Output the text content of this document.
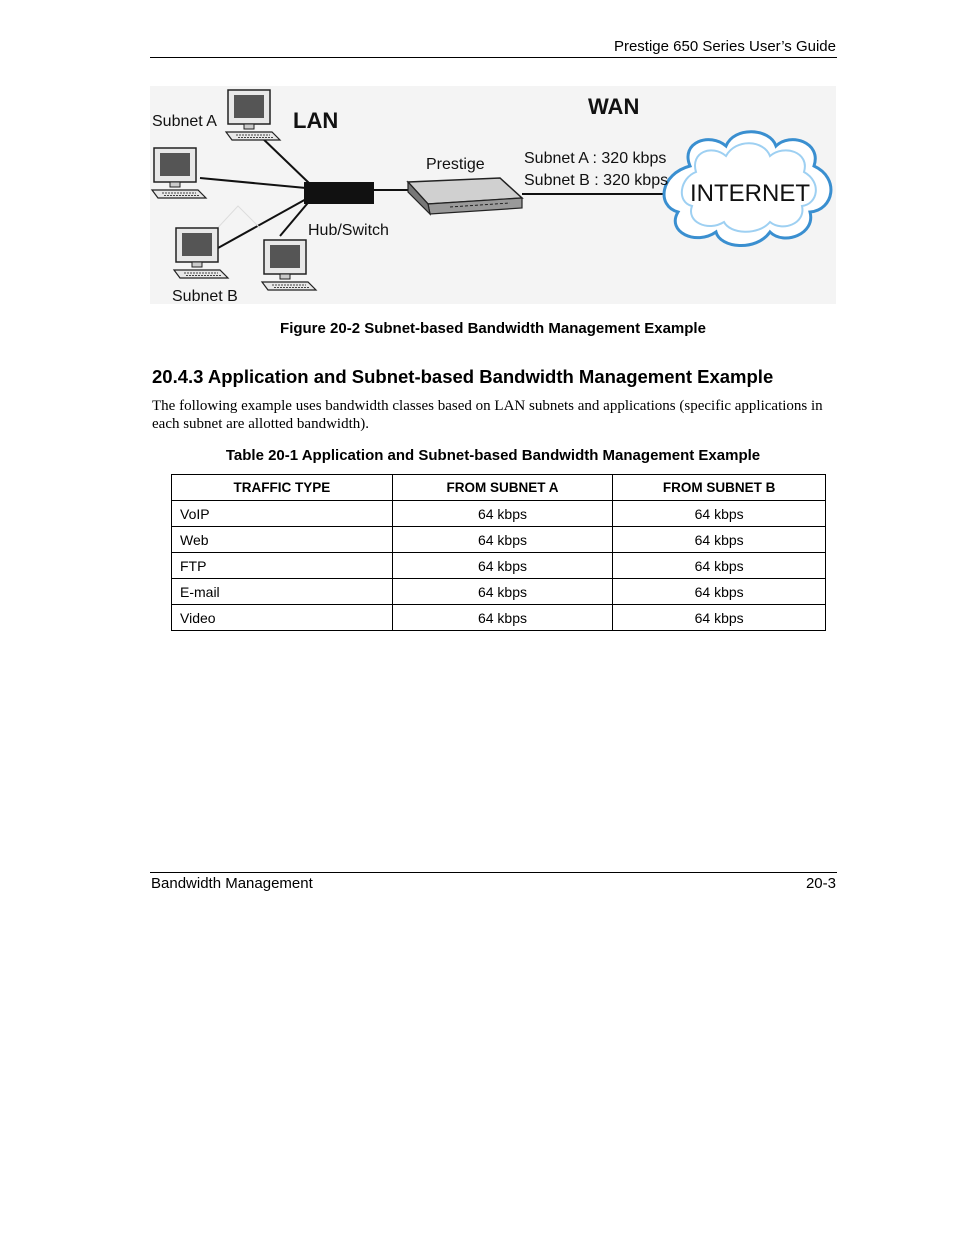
Prestige 650 Series User’s Guide
LAN
WAN
Subnet A
Subnet B
Hub/Switch
Prestige Subnet A : 320 kbps
Subnet B : 320 kbps INTERNET
Figure 20-2 Subnet-based Bandwidth Management Example
20.4.3 Application and Subnet-based Bandwidth Management Example
The following example uses bandwidth classes based on LAN subnets and applications (specific applications in each subnet are allotted bandwidth).
Table 20-1 Application and Subnet-based Bandwidth Management Example
TRAFFIC TYPE	FROM SUBNET A	FROM SUBNET B
VoIP	64 kbps	64 kbps
Web	64 kbps	64 kbps
FTP	64 kbps	64 kbps
E-mail	64 kbps	64 kbps
Video	64 kbps	64 kbps
Bandwidth Management	20-3
